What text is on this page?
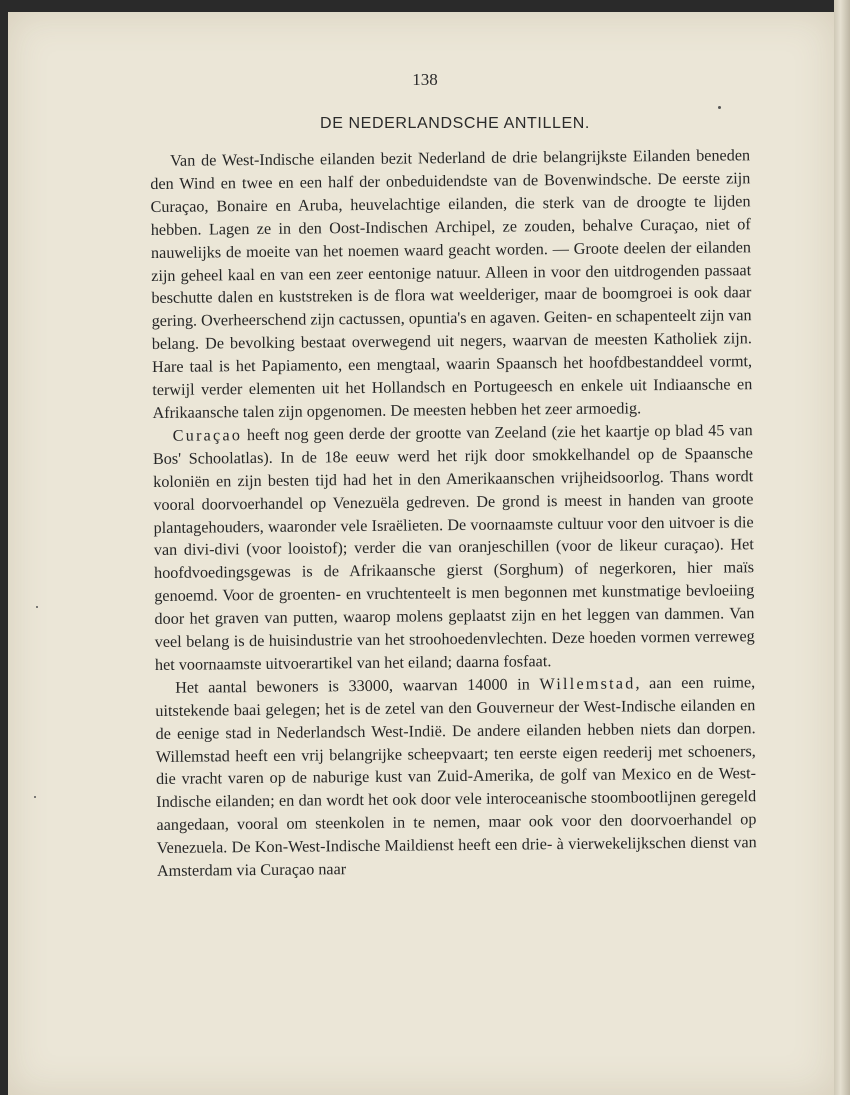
138
DE NEDERLANDSCHE ANTILLEN.

Van de West-Indische eilanden bezit Nederland de drie belangrijkste Eilanden beneden den Wind en twee en een half der onbeduidendste van de Bovenwindsche. De eerste zijn Curaçao, Bonaire en Aruba, heuvelachtige eilanden, die sterk van de droogte te lijden hebben. Lagen ze in den Oost-Indischen Archipel, ze zouden, behalve Curaçao, niet of nauwelijks de moeite van het noemen waard geacht worden. — Groote deelen der eilanden zijn geheel kaal en van een zeer eentonige natuur. Alleen in voor den uitdrogenden passaat beschutte dalen en kuststreken is de flora wat weelderiger, maar de boomgroei is ook daar gering. Overheerschend zijn cactussen, opuntia's en agaven. Geiten- en schapenteelt zijn van belang. De bevolking bestaat overwegend uit negers, waarvan de meesten Katholiek zijn. Hare taal is het Papiamento, een mengtaal, waarin Spaansch het hoofdbestanddeel vormt, terwijl verder elementen uit het Hollandsch en Portugeesch en enkele uit Indiaansche en Afrikaansche talen zijn opgenomen. De meesten hebben het zeer armoedig.

Curaçao heeft nog geen derde der grootte van Zeeland (zie het kaartje op blad 45 van Bos' Schoolatlas). In de 18e eeuw werd het rijk door smokkelhandel op de Spaansche koloniën en zijn besten tijd had het in den Amerikaanschen vrijheidsoorlog. Thans wordt vooral doorvoerhandel op Venezuëla gedreven. De grond is meest in handen van groote plantagehouders, waaronder vele Israëlieten. De voornaamste cultuur voor den uitvoer is die van divi-divi (voor looistof); verder die van oranjeschillen (voor de likeur curaçao). Het hoofdvoedingsgewas is de Afrikaansche gierst (Sorghum) of negerkoren, hier maïs genoemd. Voor de groenten- en vruchtenteelt is men begonnen met kunstmatige bevloeiing door het graven van putten, waarop molens geplaatst zijn en het leggen van dammen. Van veel belang is de huisindustrie van het stroohoedenvlechten. Deze hoeden vormen verreweg het voornaamste uitvoerartikel van het eiland; daarna fosfaat.

Het aantal bewoners is 33000, waarvan 14000 in Willemstad, aan een ruime, uitstekende baai gelegen; het is de zetel van den Gouverneur der West-Indische eilanden en de eenige stad in Nederlandsch West-Indië. De andere eilanden hebben niets dan dorpen. Willemstad heeft een vrij belangrijke scheepvaart; ten eerste eigen reederij met schoeners, die vracht varen op de naburige kust van Zuid-Amerika, de golf van Mexico en de West-Indische eilanden; en dan wordt het ook door vele interoceanische stoombootlijnen geregeld aangedaan, vooral om steenkolen in te nemen, maar ook voor den doorvoerhandel op Venezuela. De Kon-West-Indische Maildienst heeft een drie- à vierwekelijkschen dienst van Amsterdam via Curaçao naar
